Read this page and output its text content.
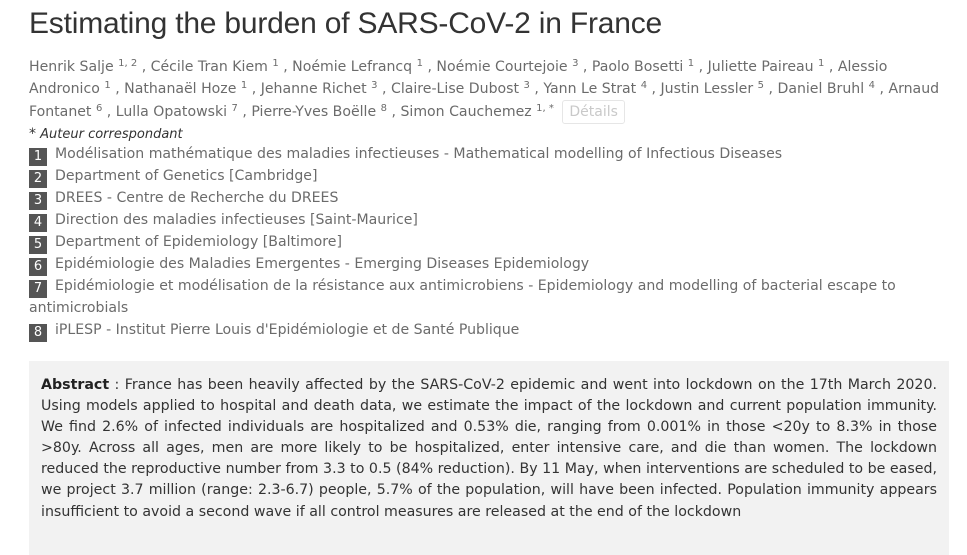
Estimating the burden of SARS-CoV-2 in France
Henrik Salje $^{1, 2}$ , Cécile Tran Kiem $^1$ , Noémie Lefrancq $^1$ , Noémie Courtejoie $^3$ , Paolo Bosetti $^1$ , Juliette Paireau $^1$ , Alessio Andronico $^1$ , Nathanaël Hoze $^1$ , Jehanne Richet $^3$ , Claire-Lise Dubost $^3$ , Yann Le Strat $^4$ , Justin Lessler $^5$ , Daniel Bruhl $^4$ , Arnaud Fontanet $^6$ , Lulla Opatowski $^7$ , Pierre-Yves Boëlle $^8$ , Simon Cauchemez $^{1, *}$ Détails
* Auteur correspondant
1 Modélisation mathématique des maladies infectieuses - Mathematical modelling of Infectious Diseases
2 Department of Genetics [Cambridge]
3 DREES - Centre de Recherche du DREES
4 Direction des maladies infectieuses [Saint-Maurice]
5 Department of Epidemiology [Baltimore]
6 Epidémiologie des Maladies Emergentes - Emerging Diseases Epidemiology
7 Epidémiologie et modélisation de la résistance aux antimicrobiens - Epidemiology and modelling of bacterial escape to antimicrobials
8 iPLESP - Institut Pierre Louis d'Epidémiologie et de Santé Publique
Abstract : France has been heavily affected by the SARS-CoV-2 epidemic and went into lockdown on the 17th March 2020. Using models applied to hospital and death data, we estimate the impact of the lockdown and current population immunity. We find 2.6% of infected individuals are hospitalized and 0.53% die, ranging from 0.001% in those <20y to 8.3% in those >80y. Across all ages, men are more likely to be hospitalized, enter intensive care, and die than women. The lockdown reduced the reproductive number from 3.3 to 0.5 (84% reduction). By 11 May, when interventions are scheduled to be eased, we project 3.7 million (range: 2.3-6.7) people, 5.7% of the population, will have been infected. Population immunity appears insufficient to avoid a second wave if all control measures are released at the end of the lockdown
